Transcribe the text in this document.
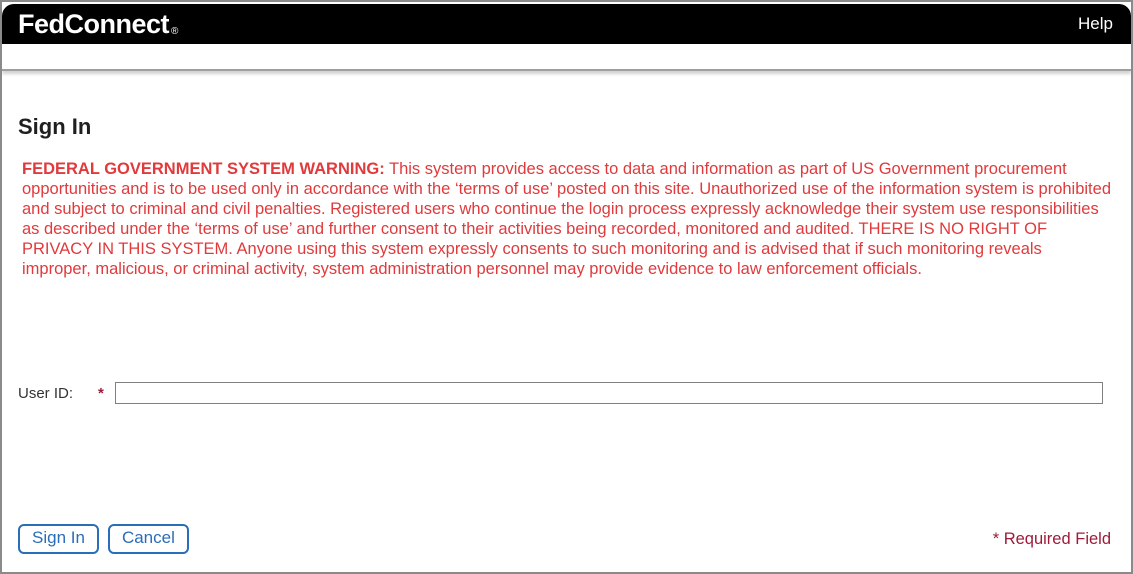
FedConnect ®	Help
Sign In

FEDERAL GOVERNMENT SYSTEM WARNING: This system provides access to data and information as part of US Government procurement opportunities and is to be used only in accordance with the ‘terms of use’ posted on this site. Unauthorized use of the information system is prohibited and subject to criminal and civil penalties. Registered users who continue the login process expressly acknowledge their system use responsibilities as described under the ‘terms of use’ and further consent to their activities being recorded, monitored and audited. THERE IS NO RIGHT OF PRIVACY IN THIS SYSTEM. Anyone using this system expressly consents to such monitoring and is advised that if such monitoring reveals improper, malicious, or criminal activity, system administration personnel may provide evidence to law enforcement officials.

User ID:	*
Sign In	Cancel	* Required Field
